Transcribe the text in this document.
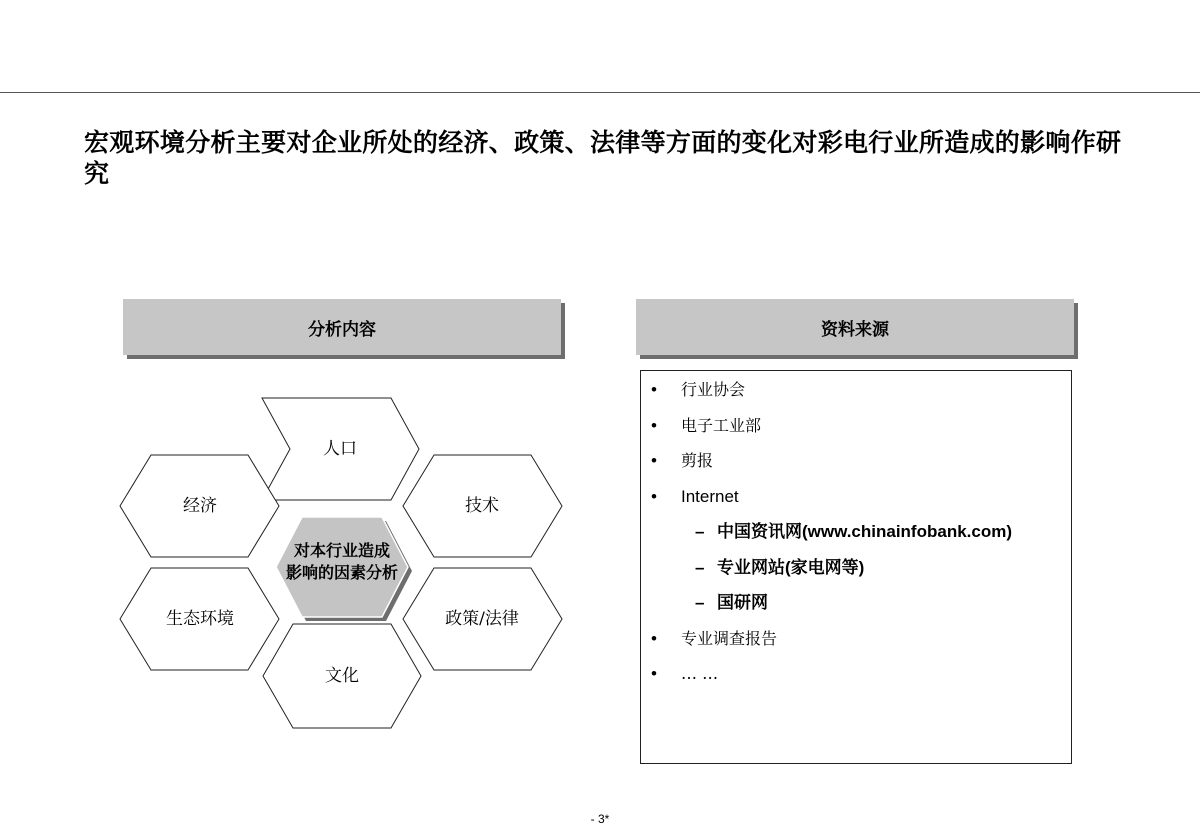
宏观环境分析主要对企业所处的经济、政策、法律等方面的变化对彩电行业所造成的影响作研究
分析内容	资料来源
人口
经济	技术
生态环境	政策/法律
文化
对本行业造成
影响的因素分析
• 行业协会
• 电子工业部
• 剪报
• Internet
– 中国资讯网(www.chinainfobank.com)
– 专业网站(家电网等)
– 国研网
• 专业调查报告
• … …
- 3*
